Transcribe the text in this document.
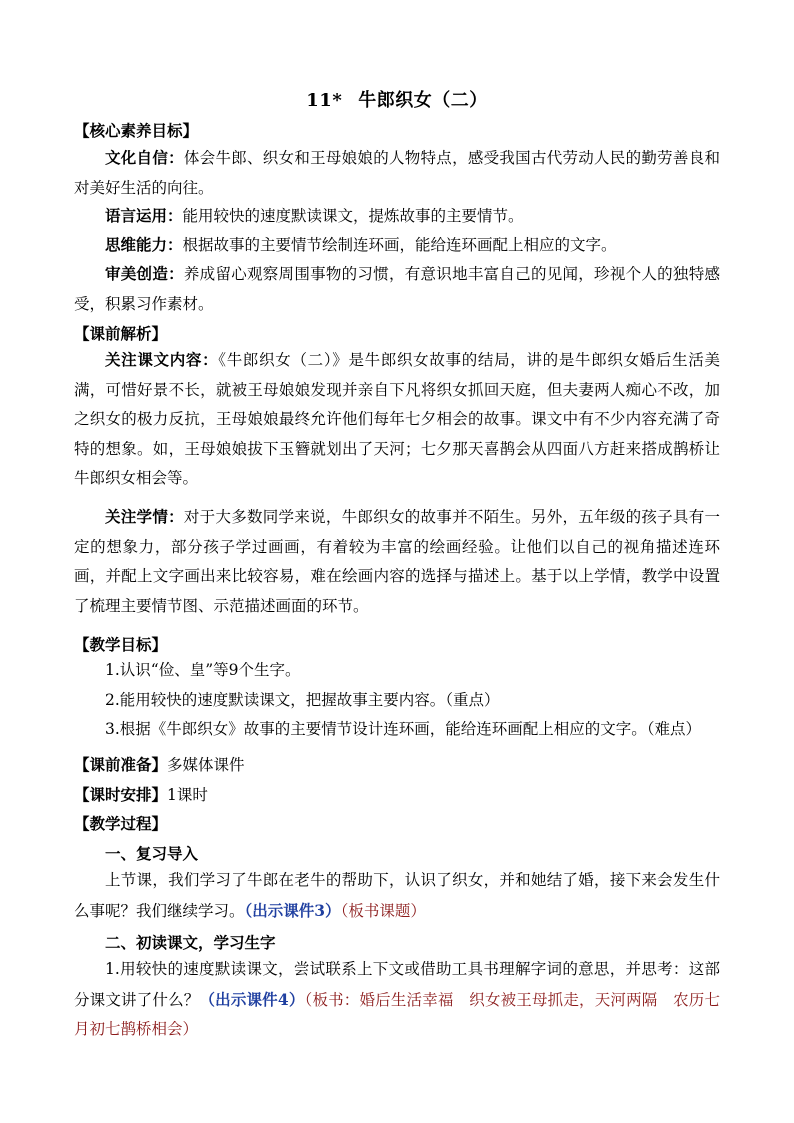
11* 牛郎织女（二）
【核心素养目标】
文化自信：体会牛郎、织女和王母娘娘的人物特点，感受我国古代劳动人民的勤劳善良和对美好生活的向往。
语言运用：能用较快的速度默读课文，提炼故事的主要情节。
思维能力：根据故事的主要情节绘制连环画，能给连环画配上相应的文字。
审美创造：养成留心观察周围事物的习惯，有意识地丰富自己的见闻，珍视个人的独特感受，积累习作素材。
【课前解析】
关注课文内容：《牛郎织女（二）》是牛郎织女故事的结局，讲的是牛郎织女婚后生活美满，可惜好景不长，就被王母娘娘发现并亲自下凡将织女抓回天庭，但夫妻两人痴心不改，加之织女的极力反抗，王母娘娘最终允许他们每年七夕相会的故事。课文中有不少内容充满了奇特的想象。如，王母娘娘拔下玉簪就划出了天河；七夕那天喜鹊会从四面八方赶来搭成鹊桥让牛郎织女相会等。
关注学情：对于大多数同学来说，牛郎织女的故事并不陌生。另外，五年级的孩子具有一定的想象力，部分孩子学过画画，有着较为丰富的绘画经验。让他们以自己的视角描述连环画，并配上文字画出来比较容易，难在绘画内容的选择与描述上。基于以上学情，教学中设置了梳理主要情节图、示范描述画面的环节。
【教学目标】
1.认识“俭、皇”等9个生字。
2.能用较快的速度默读课文，把握故事主要内容。（重点）
3.根据《牛郎织女》故事的主要情节设计连环画，能给连环画配上相应的文字。（难点）
【课前准备】多媒体课件
【课时安排】1课时
【教学过程】
一、复习导入
上节课，我们学习了牛郎在老牛的帮助下，认识了织女，并和她结了婚，接下来会发生什么事呢？我们继续学习。（出示课件3）（板书课题）
二、初读课文，学习生字
1.用较快的速度默读课文，尝试联系上下文或借助工具书理解字词的意思，并思考：这部分课文讲了什么？（出示课件4）（板书：婚后生活幸福　织女被王母抓走，天河两隔　农历七月初七鹊桥相会）
